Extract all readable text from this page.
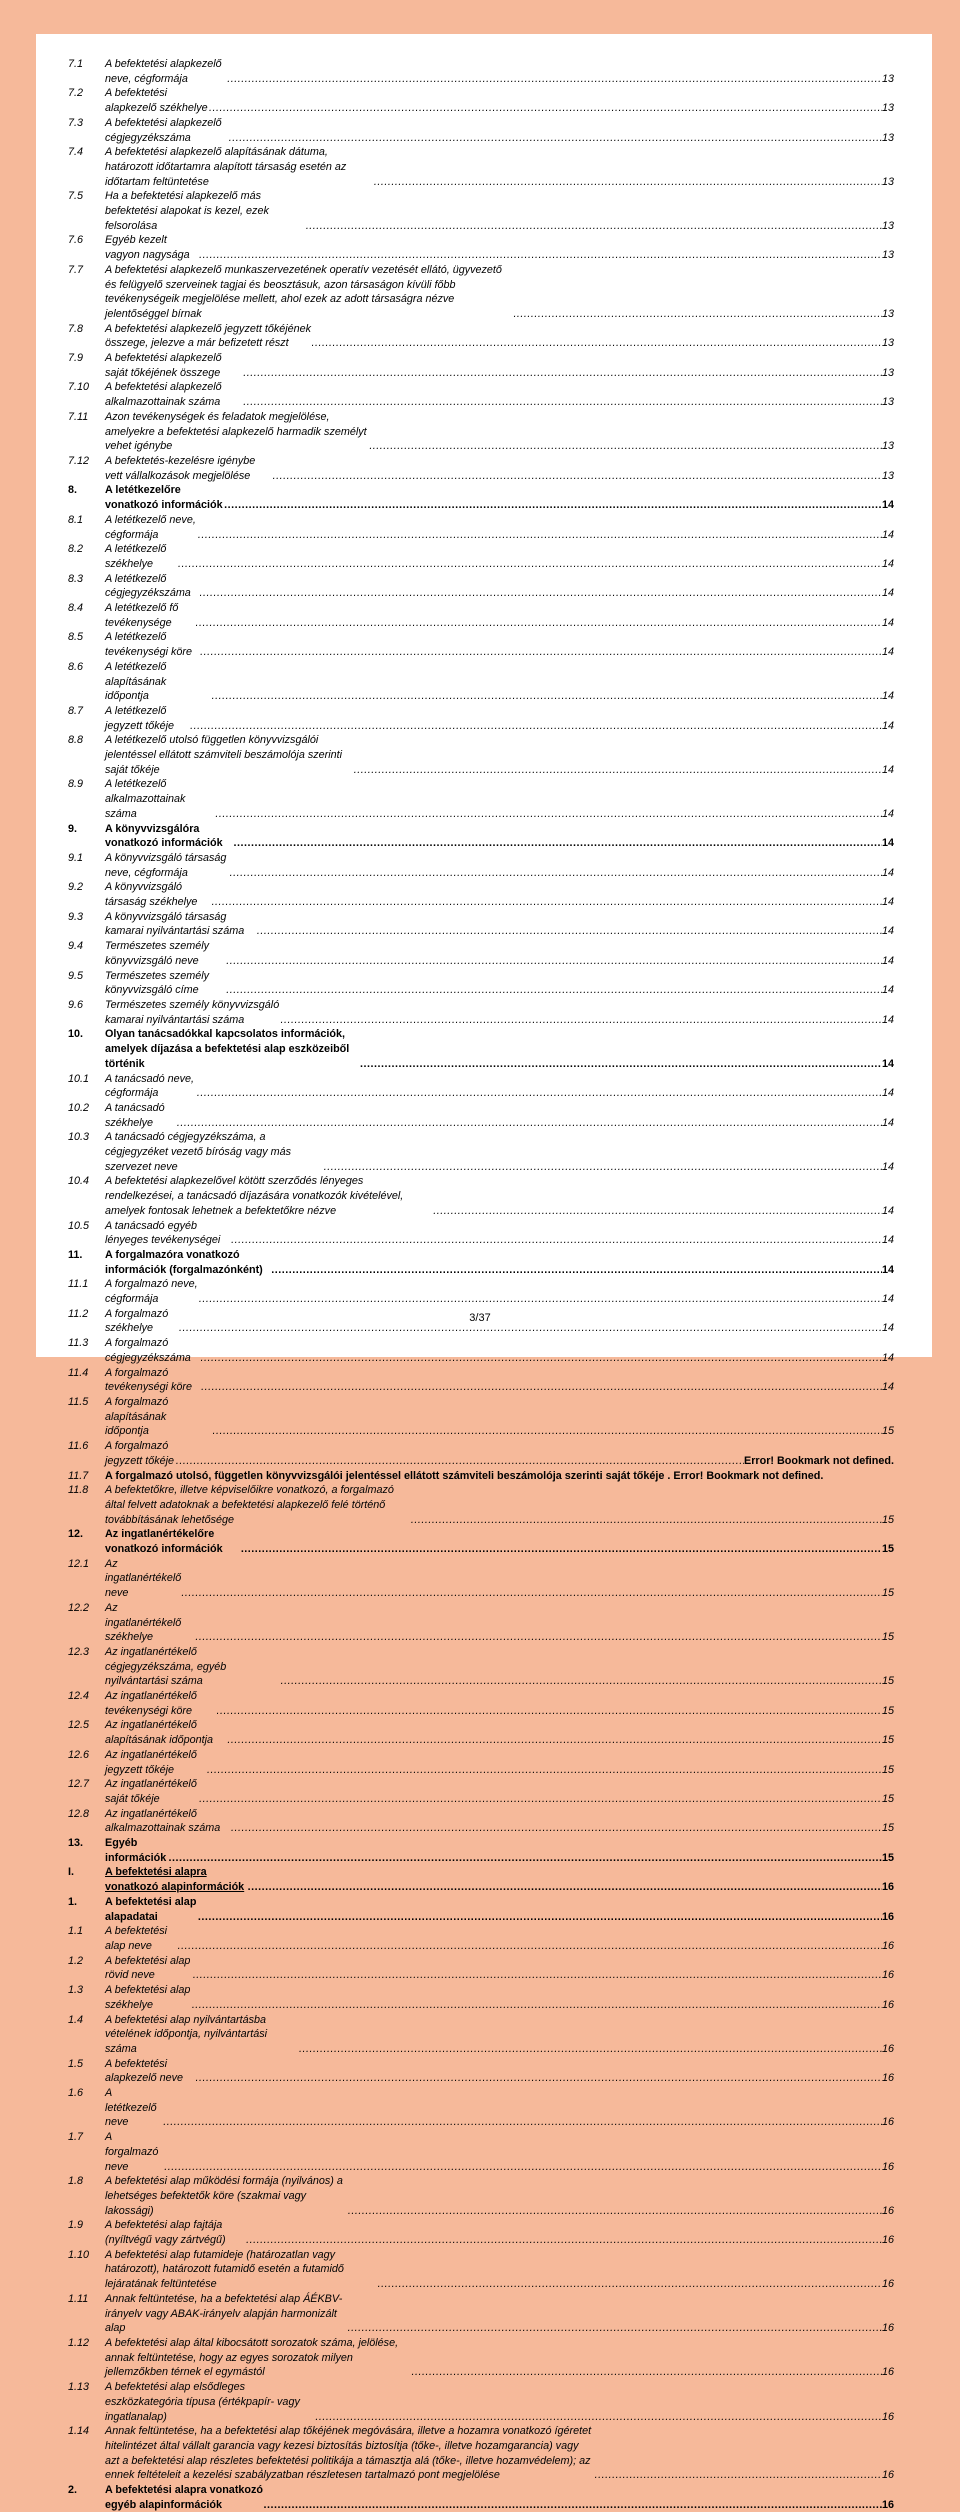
7.1	A befektetési alapkezelő neve, cégformája .....	13
7.2	A befektetési alapkezelő székhelye .....	13
7.3	A befektetési alapkezelő cégjegyzékszáma .....	13
7.4	A befektetési alapkezelő alapításának dátuma, határozott időtartamra alapított társaság esetén az időtartam feltüntetése .....	13
7.5	Ha a befektetési alapkezelő más befektetési alapokat is kezel, ezek felsorolása .....	13
7.6	Egyéb kezelt vagyon nagysága .....	13
7.7	A befektetési alapkezelő munkaszervezetének operatív vezetését ellátó, ügyvezető és felügyelő szerveinek tagjai és beosztásuk, azon társaságon kívüli főbb tevékenységeik megjelölése mellett, ahol ezek az adott társaságra nézve jelentőséggel bírnak .....	13
7.8	A befektetési alapkezelő jegyzett tőkéjének összege, jelezve a már befizetett részt .....	13
7.9	A befektetési alapkezelő saját tőkéjének összege .....	13
7.10	A befektetési alapkezelő alkalmazottainak száma .....	13
7.11	Azon tevékenységek és feladatok megjelölése, amelyekre a befektetési alapkezelő harmadik személyt vehet igénybe .....	13
7.12	A befektetés-kezelésre igénybe vett vállalkozások megjelölése .....	13
8.	A letétkezelőre vonatkozó információk .....	14
8.1	A letétkezelő neve, cégformája .....	14
8.2	A letétkezelő székhelye .....	14
8.3	A letétkezelő cégjegyzékszáma .....	14
8.4	A letétkezelő fő tevékenysége .....	14
8.5	A letétkezelő tevékenységi köre .....	14
8.6	A letétkezelő alapításának időpontja .....	14
8.7	A letétkezelő jegyzett tőkéje .....	14
8.8	A letétkezelő utolsó független könyvvizsgálói jelentéssel ellátott számviteli beszámolója szerinti saját tőkéje .....	14
8.9	A letétkezelő alkalmazottainak száma .....	14
9.	A könyvvizsgálóra vonatkozó információk .....	14
9.1	A könyvvizsgáló társaság neve, cégformája .....	14
9.2	A könyvvizsgáló társaság székhelye .....	14
9.3	A könyvvizsgáló társaság kamarai nyilvántartási száma .....	14
9.4	Természetes személy könyvvizsgáló neve .....	14
9.5	Természetes személy könyvvizsgáló címe .....	14
9.6	Természetes személy könyvvizsgáló kamarai nyilvántartási száma .....	14
10.	Olyan tanácsadókkal kapcsolatos információk, amelyek díjazása a befektetési alap eszközeiből történik .....	14
10.1	A tanácsadó neve, cégformája .....	14
10.2	A tanácsadó székhelye .....	14
10.3	A tanácsadó cégjegyzékszáma, a cégjegyzéket vezető bíróság vagy más szervezet neve .....	14
10.4	A befektetési alapkezelővel kötött szerződés lényeges rendelkezései, a tanácsadó díjazására vonatkozók kivételével, amelyek fontosak lehetnek a befektetőkre nézve .....	14
10.5	A tanácsadó egyéb lényeges tevékenységei .....	14
11.	A forgalmazóra vonatkozó információk (forgalmazónként) .....	14
11.1	A forgalmazó neve, cégformája .....	14
11.2	A forgalmazó székhelye .....	14
11.3	A forgalmazó cégjegyzékszáma .....	14
11.4	A forgalmazó tevékenységi köre .....	14
11.5	A forgalmazó alapításának időpontja .....	15
11.6	A forgalmazó jegyzett tőkéje .....	Error! Bookmark not defined.
11.7	A forgalmazó utolsó, független könyvvizsgálói jelentéssel ellátott számviteli beszámolója szerinti saját tőkéje . Error! Bookmark not defined.
11.8	A befektetőkre, illetve képviselőikre vonatkozó, a forgalmazó által felvett adatoknak a befektetési alapkezelő felé történő továbbításának lehetősége .....	15
12.	Az ingatlanértékelőre vonatkozó információk .....	15
12.1	Az ingatlanértékelő neve .....	15
12.2	Az ingatlanértékelő székhelye .....	15
12.3	Az ingatlanértékelő cégjegyzékszáma, egyéb nyilvántartási száma .....	15
12.4	Az ingatlanértékelő tevékenységi köre .....	15
12.5	Az ingatlanértékelő alapításának időpontja .....	15
12.6	Az ingatlanértékelő jegyzett tőkéje .....	15
12.7	Az ingatlanértékelő saját tőkéje .....	15
12.8	Az ingatlanértékelő alkalmazottainak száma .....	15
13.	Egyéb információk .....	15
I.	A befektetési alapra vonatkozó alapinformációk .....	16
1.	A befektetési alap alapadatai .....	16
1.1	A befektetési alap neve .....	16
1.2	A befektetési alap rövid neve .....	16
1.3	A befektetési alap székhelye .....	16
1.4	A befektetési alap nyilvántartásba vételének időpontja, nyilvántartási száma .....	16
1.5	A befektetési alapkezelő neve .....	16
1.6	A letétkezelő neve .....	16
1.7	A forgalmazó neve .....	16
1.8	A befektetési alap működési formája (nyilvános) a lehetséges befektetők köre (szakmai vagy lakossági) .....	16
1.9	A befektetési alap fajtája (nyíltvégű vagy zártvégű) .....	16
1.10	A befektetési alap futamideje (határozatlan vagy határozott), határozott futamidő esetén a futamidő lejáratának feltüntetése .....	16
1.11	Annak feltüntetése, ha a befektetési alap ÁÉKBV-irányelv vagy ABAK-irányelv alapján harmonizált alap .....	16
1.12	A befektetési alap által kibocsátott sorozatok száma, jelölése, annak feltüntetése, hogy az egyes sorozatok milyen jellemzőkben térnek el egymástól .....	16
1.13	A befektetési alap elsődleges eszközkategória típusa (értékpapír- vagy ingatlanalap) .....	16
1.14	Annak feltüntetése, ha a befektetési alap tőkéjének megóvására, illetve a hozamra vonatkozó ígéretet hitelintézet által vállalt garancia vagy kezesi biztosítás biztosítja (tőke-, illetve hozamgarancia) vagy azt a befektetési alap részletes befektetési politikája a támasztja alá (tőke-, illetve hozamvédelem); az ennek feltételeit a kezelési szabályzatban részletesen tartalmazó pont megjelölése .....	16
2.	A befektetési alapra vonatkozó egyéb alapinformációk .....	16
3/37
